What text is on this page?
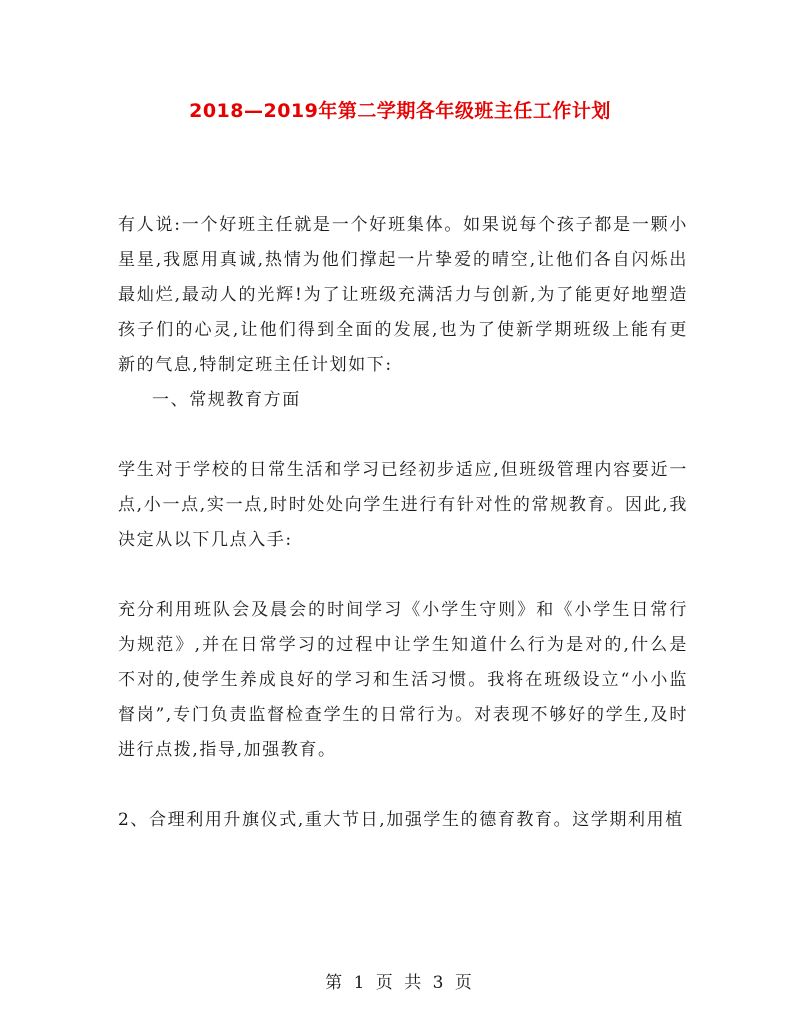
2018—2019年第二学期各年级班主任工作计划

有人说:一个好班主任就是一个好班集体。如果说每个孩子都是一颗小星星,我愿用真诚,热情为他们撑起一片挚爱的晴空,让他们各自闪烁出最灿烂,最动人的光辉!为了让班级充满活力与创新,为了能更好地塑造孩子们的心灵,让他们得到全面的发展,也为了使新学期班级上能有更新的气息,特制定班主任计划如下:

一、常规教育方面

学生对于学校的日常生活和学习已经初步适应,但班级管理内容要近一点,小一点,实一点,时时处处向学生进行有针对性的常规教育。因此,我决定从以下几点入手:

充分利用班队会及晨会的时间学习《小学生守则》和《小学生日常行为规范》,并在日常学习的过程中让学生知道什么行为是对的,什么是不对的,使学生养成良好的学习和生活习惯。我将在班级设立“小小监督岗”,专门负责监督检查学生的日常行为。对表现不够好的学生,及时进行点拨,指导,加强教育。

2、合理利用升旗仪式,重大节日,加强学生的德育教育。这学期利用植

第 1 页 共 3 页
